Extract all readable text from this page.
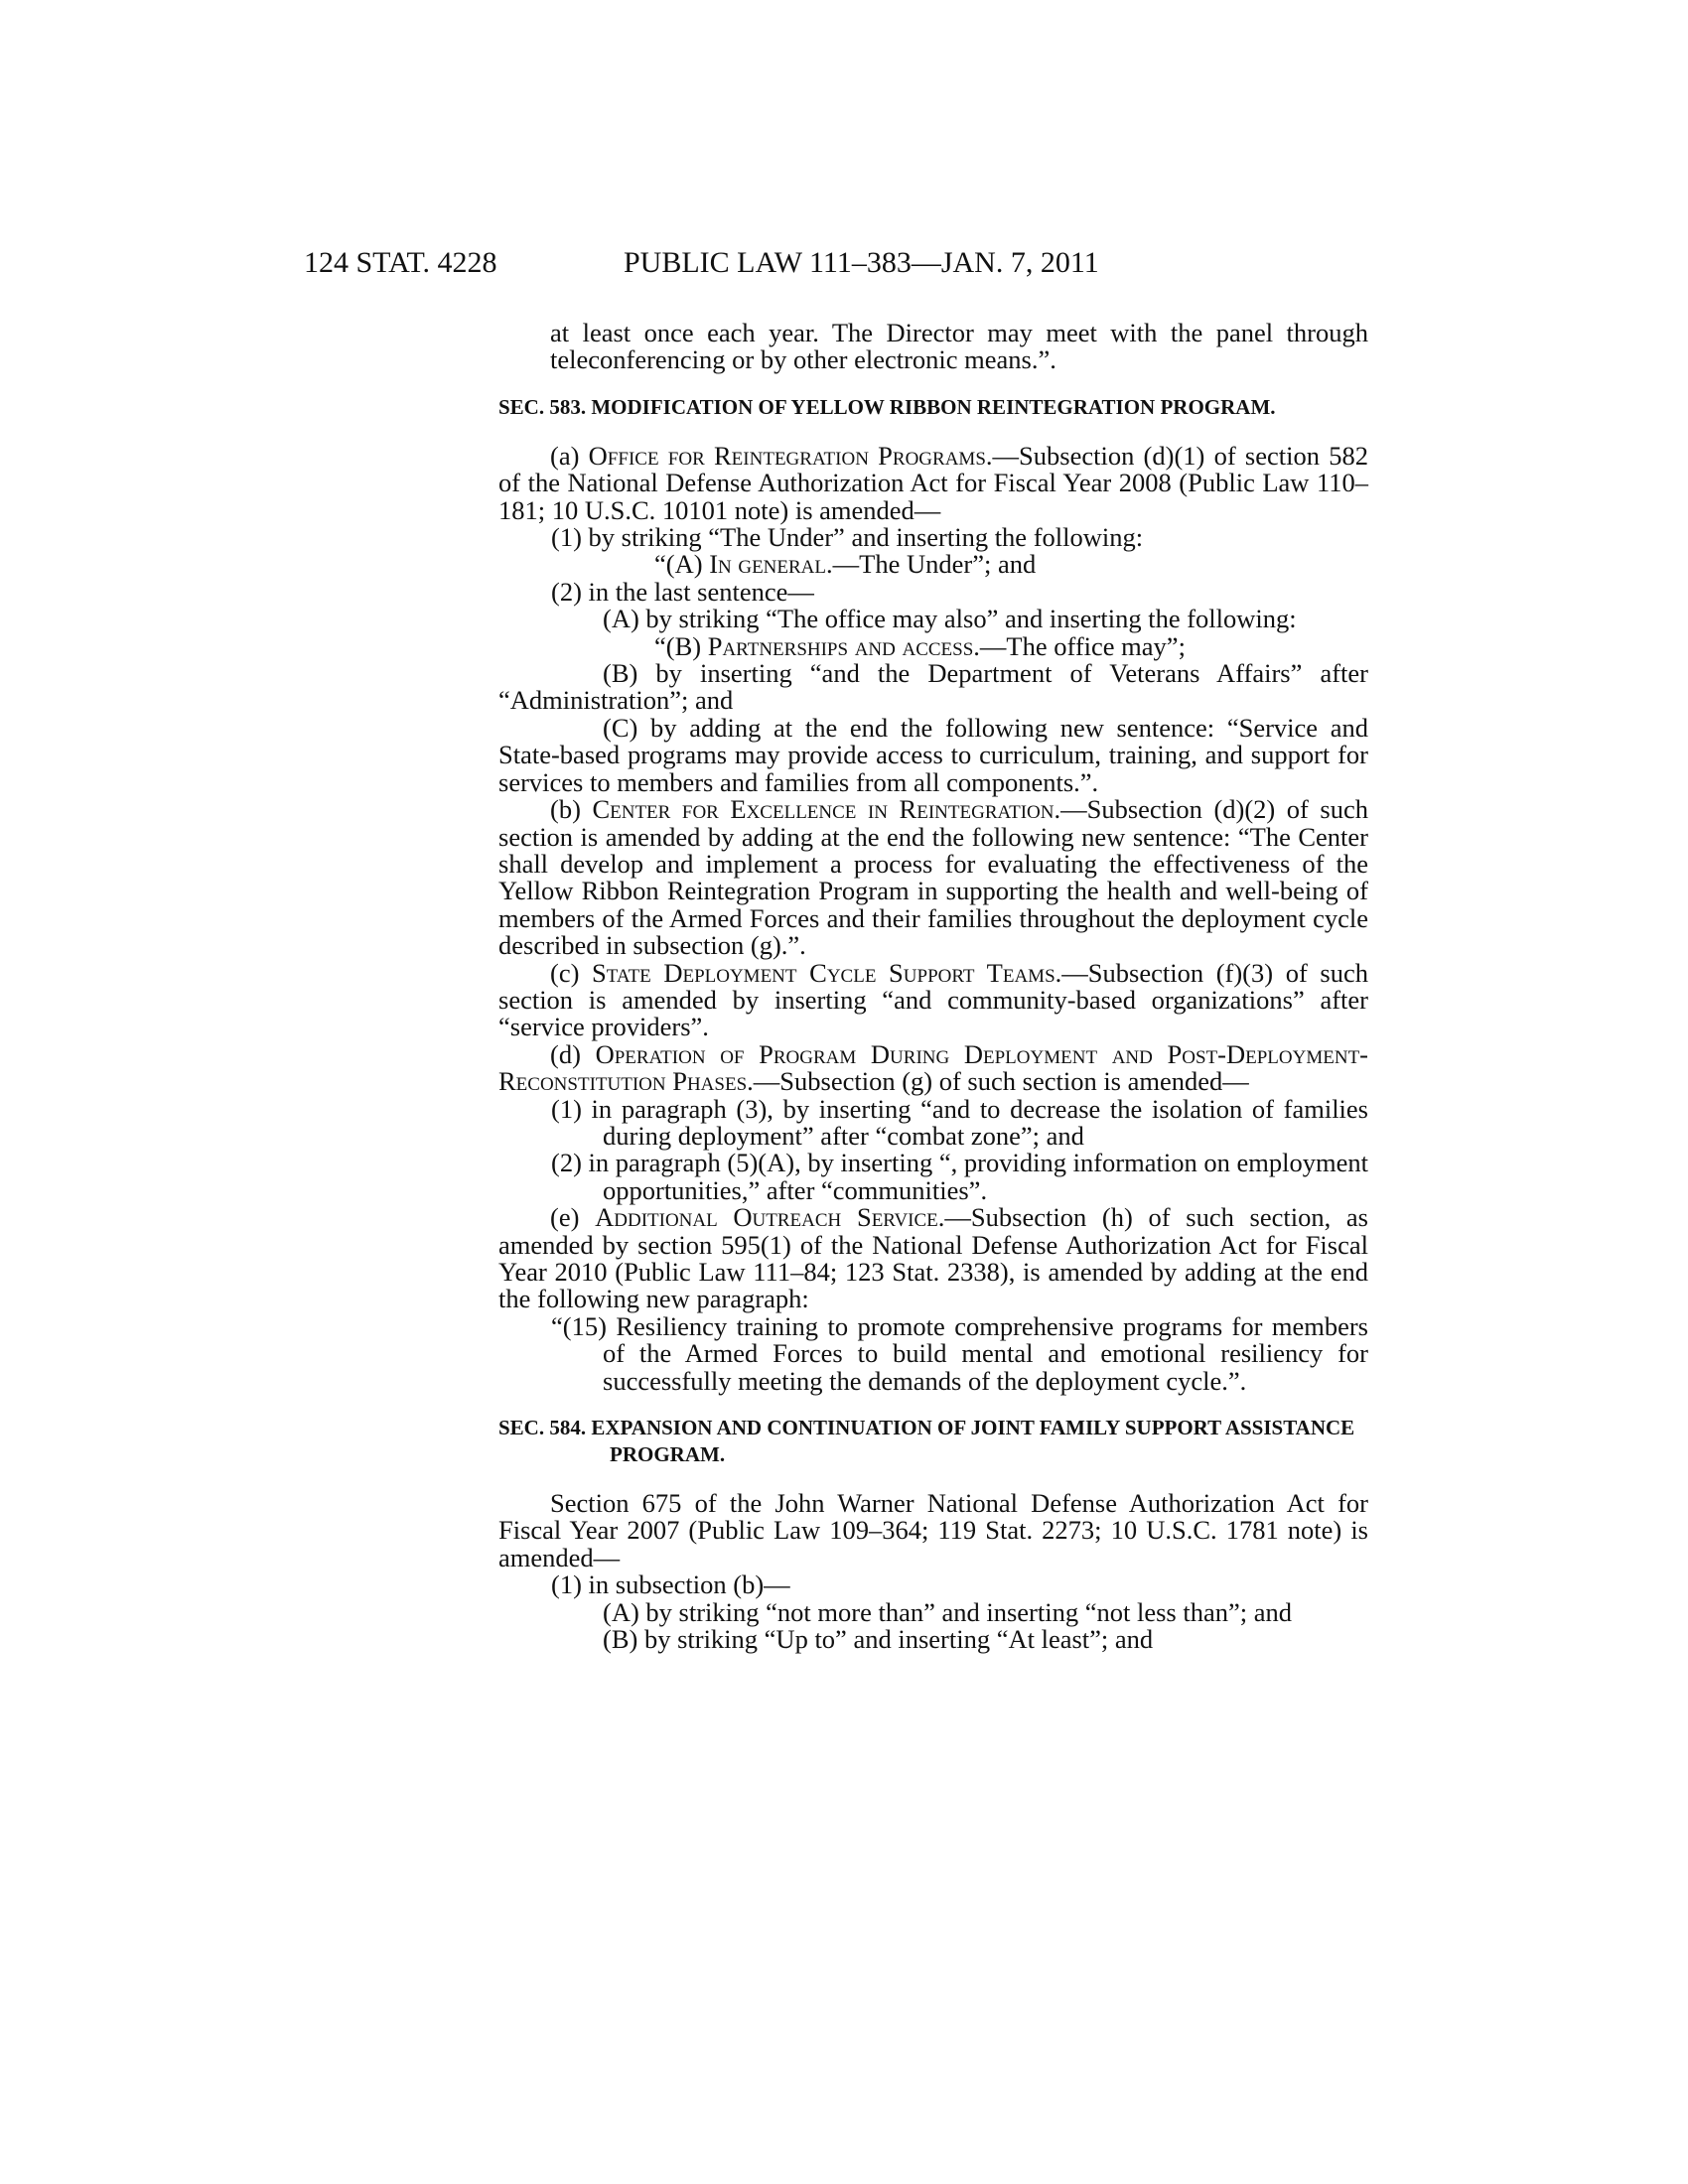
124 STAT. 4228	PUBLIC LAW 111–383—JAN. 7, 2011

at least once each year. The Director may meet with the panel through teleconferencing or by other electronic means.”.

SEC. 583. MODIFICATION OF YELLOW RIBBON REINTEGRATION PROGRAM.

(a) Office for Reintegration Programs.—Subsection (d)(1) of section 582 of the National Defense Authorization Act for Fiscal Year 2008 (Public Law 110–181; 10 U.S.C. 10101 note) is amended—

(1) by striking “The Under” and inserting the following:

“(A) In general.—The Under”; and

(2) in the last sentence—

(A) by striking “The office may also” and inserting the following:

“(B) Partnerships and access.—The office may”;

(B) by inserting “and the Department of Veterans Affairs” after “Administration”; and

(C) by adding at the end the following new sentence: “Service and State-based programs may provide access to curriculum, training, and support for services to members and families from all components.”.

(b) Center for Excellence in Reintegration.—Subsection (d)(2) of such section is amended by adding at the end the following new sentence: “The Center shall develop and implement a process for evaluating the effectiveness of the Yellow Ribbon Reintegration Program in supporting the health and well-being of members of the Armed Forces and their families throughout the deployment cycle described in subsection (g).”.

(c) State Deployment Cycle Support Teams.—Subsection (f)(3) of such section is amended by inserting “and community-based organizations” after “service providers”.

(d) Operation of Program During Deployment and Post-Deployment-Reconstitution Phases.—Subsection (g) of such section is amended—

(1) in paragraph (3), by inserting “and to decrease the isolation of families during deployment” after “combat zone”; and

(2) in paragraph (5)(A), by inserting “, providing information on employment opportunities,” after “communities”.

(e) Additional Outreach Service.—Subsection (h) of such section, as amended by section 595(1) of the National Defense Authorization Act for Fiscal Year 2010 (Public Law 111–84; 123 Stat. 2338), is amended by adding at the end the following new paragraph:

“(15) Resiliency training to promote comprehensive programs for members of the Armed Forces to build mental and emotional resiliency for successfully meeting the demands of the deployment cycle.”.

SEC. 584. EXPANSION AND CONTINUATION OF JOINT FAMILY SUPPORT ASSISTANCE PROGRAM.

Section 675 of the John Warner National Defense Authorization Act for Fiscal Year 2007 (Public Law 109–364; 119 Stat. 2273; 10 U.S.C. 1781 note) is amended—

(1) in subsection (b)—

(A) by striking “not more than” and inserting “not less than”; and

(B) by striking “Up to” and inserting “At least”; and
